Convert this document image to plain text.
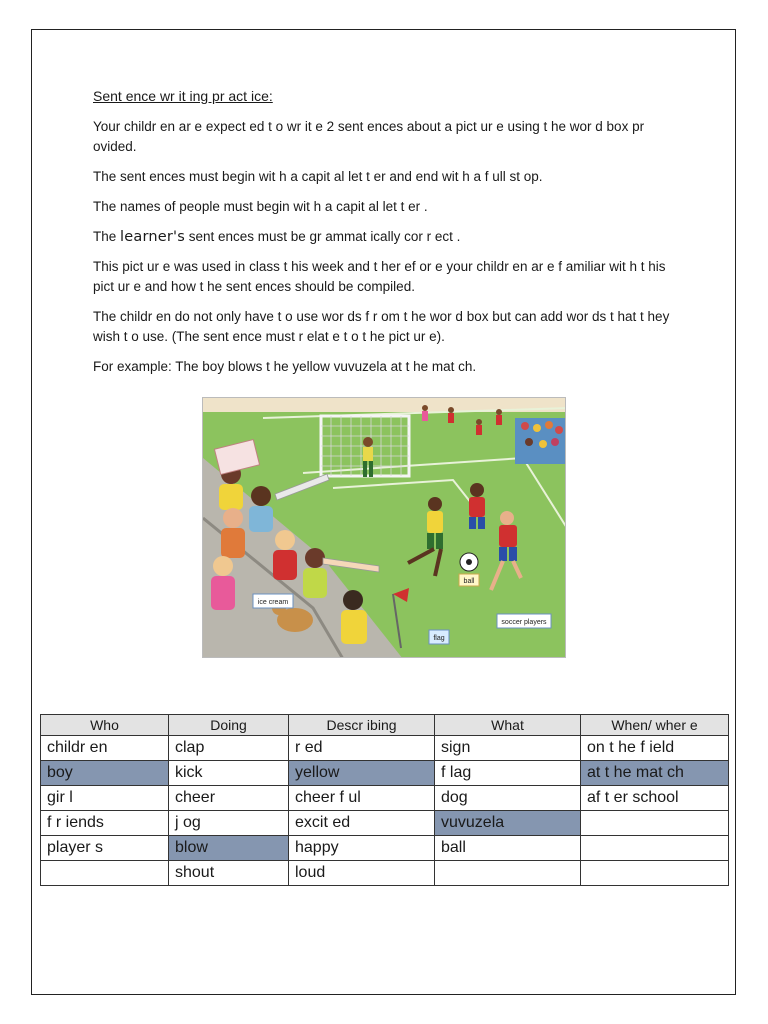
Sent ence wr it ing pr act ice:

Your childr en ar e expect ed t o wr it e 2 sent ences about a pict ur e using t he wor d box pr ovided.

The sent ences must begin wit h a capit al let t er and end wit h a f ull st op.

The names of people must begin wit h a capit al let t er .

The learner's sent ences must be gr ammat ically cor r ect .

This pict ur e was used in class t his week and t her ef or e your childr en ar e f amiliar wit h t his pict ur e and how t he sent ences should be compiled.

The childr en do not only have t o use wor ds f r om t he wor d box but can add wor ds t hat t hey wish t o use. (The sent ence must r elat e t o t he pict ur e).

For example: The boy blows t he yellow vuvuzela at t he mat ch.

ice cream
ball
soccer players
flag
Who	Doing	Descr ibing	What	When/ wher e
childr en	clap	r ed	sign	on t he f ield
boy	kick	yellow	f lag	at t he mat ch
gir l	cheer	cheer f ul	dog	af t er school
f r iends	j og	excit ed	vuvuzela	
player s	blow	happy	ball	
	shout	loud		
